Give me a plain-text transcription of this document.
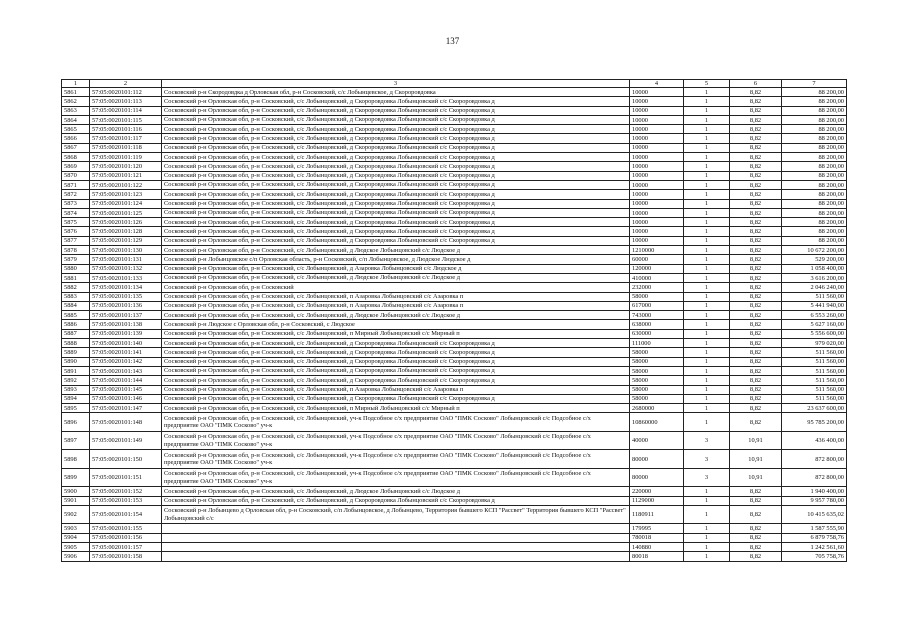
137
1	2	3	4	5	6	7
5861	57:05:0020101:112	Сосковский р-н Скородовдка д Орловская обл, р-н Сосковский, с/с Лобынцевское, д Скороровдовка	10000	1	8,82	88 200,00
5862	57:05:0020101:113	Сосковский р-н Орловская обл, р-н Сосковский, с/с Лобынцовский, д Скороровдовка Лобынцовский с/с Скороровдовка д	10000	1	8,82	88 200,00
5863	57:05:0020101:114	Сосковский р-н Орловская обл, р-н Сосковский, с/с Лобынцовский, д Скороровдовка Лобынцовский с/с Скороровдовка д	10000	1	8,82	88 200,00
5864	57:05:0020101:115	Сосковский р-н Орловская обл, р-н Сосковский, с/с Лобынцовский, д Скороровдовка Лобынцовский с/с Скороровдовка д	10000	1	8,82	88 200,00
5865	57:05:0020101:116	Сосковский р-н Орловская обл, р-н Сосковский, с/с Лобынцовский, д Скороровдовка Лобынцовский с/с Скороровдовка д	10000	1	8,82	88 200,00
5866	57:05:0020101:117	Сосковский р-н Орловская обл, р-н Сосковский, с/с Лобынцовский, д Скороровдовка Лобынцовский с/с Скороровдовка д	10000	1	8,82	88 200,00
5867	57:05:0020101:118	Сосковский р-н Орловская обл, р-н Сосковский, с/с Лобынцовский, д Скороровдовка Лобынцовский с/с Скороровдовка д	10000	1	8,82	88 200,00
5868	57:05:0020101:119	Сосковский р-н Орловская обл, р-н Сосковский, с/с Лобынцовский, д Скороровдовка Лобынцовский с/с Скороровдовка д	10000	1	8,82	88 200,00
5869	57:05:0020101:120	Сосковский р-н Орловская обл, р-н Сосковский, с/с Лобынцовский, д Скороровдовка Лобынцовский с/с Скороровдовка д	10000	1	8,82	88 200,00
5870	57:05:0020101:121	Сосковский р-н Орловская обл, р-н Сосковский, с/с Лобынцовский, д Скороровдовка Лобынцовский с/с Скороровдовка д	10000	1	8,82	88 200,00
5871	57:05:0020101:122	Сосковский р-н Орловская обл, р-н Сосковский, с/с Лобынцовский, д Скороровдовка Лобынцовский с/с Скороровдовка д	10000	1	8,82	88 200,00
5872	57:05:0020101:123	Сосковский р-н Орловская обл, р-н Сосковский, с/с Лобынцовский, д Скороровдовка Лобынцовский с/с Скороровдовка д	10000	1	8,82	88 200,00
5873	57:05:0020101:124	Сосковский р-н Орловская обл, р-н Сосковский, с/с Лобынцовский, д Скороровдовка Лобынцовский с/с Скороровдовка д	10000	1	8,82	88 200,00
5874	57:05:0020101:125	Сосковский р-н Орловская обл, р-н Сосковский, с/с Лобынцовский, д Скороровдовка Лобынцовский с/с Скороровдовка д	10000	1	8,82	88 200,00
5875	57:05:0020101:126	Сосковский р-н Орловская обл, р-н Сосковский, с/с Лобынцовский, д Скороровдовка Лобынцовский с/с Скороровдовка д	10000	1	8,82	88 200,00
5876	57:05:0020101:128	Сосковский р-н Орловская обл, р-н Сосковский, с/с Лобынцовский, д Скороровдовка Лобынцовский с/с Скороровдовка д	10000	1	8,82	88 200,00
5877	57:05:0020101:129	Сосковский р-н Орловская обл, р-н Сосковский, с/с Лобынцовский, д Скороровдовка Лобынцовский с/с Скороровдовка д	10000	1	8,82	88 200,00
5878	57:05:0020101:130	Сосковский р-н Орловская обл, р-н Сосковский, с/с Лобынцовский, д Людское Лобынцовский с/с Людское д	1210000	1	8,82	10 672 200,00
5879	57:05:0020101:131	Сосковский р-н Лобынцовское с/п Орловская область, р-н Сосковский, с/п Лобынцовское, д Людское Людское д	60000	1	8,82	529 200,00
5880	57:05:0020101:132	Сосковский р-н Орловская обл, р-н Сосковский, с/с Лобынцовский, д Азаровка Лобынцовский с/с Людское д	120000	1	8,82	1 058 400,00
5881	57:05:0020101:133	Сосковский р-н Орловская обл, р-н Сосковский, с/с Лобынцовский, д Людское Лобынцовский с/с Людское д	410000	1	8,82	3 616 200,00
5882	57:05:0020101:134	Сосковский р-н Орловская обл, р-н Сосковский	232000	1	8,82	2 046 240,00
5883	57:05:0020101:135	Сосковский р-н Орловская обл, р-н Сосковский, с/с Лобынцовский, п Азаровка Лобынцовский с/с Азаровка п	58000	1	8,82	511 560,00
5884	57:05:0020101:136	Сосковский р-н Орловская обл, р-н Сосковский, с/с Лобынцовский, п Азаровка Лобынцовский с/с Азаровка п	617000	1	8,82	5 441 940,00
5885	57:05:0020101:137	Сосковский р-н Орловская обл, р-н Сосковский, с/с Лобынцовский, д Людское Лобынцовский с/с Людское д	743000	1	8,82	6 553 260,00
5886	57:05:0020101:138	Сосковский р-н Людское с Орловская обл, р-н Сосковский, с Людское	638000	1	8,82	5 627 160,00
5887	57:05:0020101:139	Сосковский р-н Орловская обл, р-н Сосковский, с/с Лобынцовский, п Мирный Лобынцовский с/с Мирный п	630000	1	8,82	5 556 600,00
5888	57:05:0020101:140	Сосковский р-н Орловская обл, р-н Сосковский, с/с Лобынцовский, д Скороровдовка Лобынцовский с/с Скороровдовка д	111000	1	8,82	979 020,00
5889	57:05:0020101:141	Сосковский р-н Орловская обл, р-н Сосковский, с/с Лобынцовский, д Скороровдовка Лобынцовский с/с Скороровдовка д	58000	1	8,82	511 560,00
5890	57:05:0020101:142	Сосковский р-н Орловская обл, р-н Сосковский, с/с Лобынцовский, д Скороровдовка Лобынцовский с/с Скороровдовка д	58000	1	8,82	511 560,00
5891	57:05:0020101:143	Сосковский р-н Орловская обл, р-н Сосковский, с/с Лобынцовский, д Скороровдовка Лобынцовский с/с Скороровдовка д	58000	1	8,82	511 560,00
5892	57:05:0020101:144	Сосковский р-н Орловская обл, р-н Сосковский, с/с Лобынцовский, д Скороровдовка Лобынцовский с/с Скороровдовка д	58000	1	8,82	511 560,00
5893	57:05:0020101:145	Сосковский р-н Орловская обл, р-н Сосковский, с/с Лобынцовский, п Азаровка Лобынцовский с/с Азаровка п	58000	1	8,82	511 560,00
5894	57:05:0020101:146	Сосковский р-н Орловская обл, р-н Сосковский, с/с Лобынцовский, д Скороровдовка Лобынцовский с/с Скороровдовка д	58000	1	8,82	511 560,00
5895	57:05:0020101:147	Сосковский р-н Орловская обл, р-н Сосковский, с/с Лобынцовский, п Мирный Лобынцовский с/с Мирный п	2680000	1	8,82	23 637 600,00
5896	57:05:0020101:148	Сосковский р-н Орловская обл, р-н Сосковский, с/с Лобынцовский, уч-к Подсобное с/х предприятие ОАО "ПМК Сосково" Лобынцовский с/с Подсобное с/х предприятие ОАО "ПМК Сосково" уч-к	10860000	1	8,82	95 785 200,00
5897	57:05:0020101:149	Сосковский р-н Орловская обл, р-н Сосковский, с/с Лобынцовский, уч-к Подсобное с/х предприятие ОАО "ПМК Сосково" Лобынцовский с/с Подсобное с/х предприятие ОАО "ПМК Сосково" уч-к	40000	3	10,91	436 400,00
5898	57:05:0020101:150	Сосковский р-н Орловская обл, р-н Сосковский, с/с Лобынцовский, уч-к Подсобное с/х предприятие ОАО "ПМК Сосково" Лобынцовский с/с Подсобное с/х предприятие ОАО "ПМК Сосково" уч-к	80000	3	10,91	872 800,00
5899	57:05:0020101:151	Сосковский р-н Орловская обл, р-н Сосковский, с/с Лобынцовский, уч-к Подсобное с/х предприятие ОАО "ПМК Сосково" Лобынцовский с/с Подсобное с/х предприятие ОАО "ПМК Сосково" уч-к	80000	3	10,91	872 800,00
5900	57:05:0020101:152	Сосковский р-н Орловская обл, р-н Сосковский, с/с Лобынцовский, д Людское Лобынцовский с/с Людское д	220000	1	8,82	1 940 400,00
5901	57:05:0020101:153	Сосковский р-н Орловская обл, р-н Сосковский, с/с Лобынцовский, д Скороровдовка Лобынцовский с/с Скороровдовка д	1129000	1	8,82	9 957 780,00
5902	57:05:0020101:154	Сосковский р-н Лобынцево д Орловская обл, р-н Сосковский, с/п Лобынцовское, д Лобынцево, Территория бывшего КСП "Рассвет" Территория бывшего КСП "Рассвет" Лобынцовский с/с	1180911	1	8,82	10 415 635,02
5903	57:05:0020101:155		179995	1	8,82	1 587 555,90
5904	57:05:0020101:156		780018	1	8,82	6 879 758,76
5905	57:05:0020101:157		140880	1	8,82	1 242 561,60
5906	57:05:0020101:158		80018	1	8,82	705 758,76
